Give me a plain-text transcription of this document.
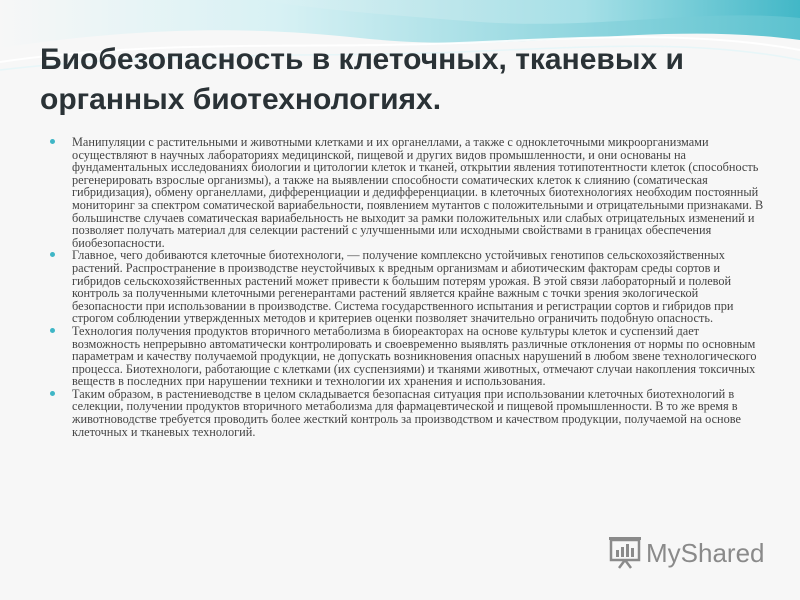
Биобезопасность в клеточных, тканевых и органных биотехнологиях.
Манипуляции с растительными и животными клетками и их органеллами, а также с одноклеточными микроорганизмами осуществляют в научных лабораториях медицинской, пищевой и других видов промышленности, и они основаны на фундаментальных исследованиях биологии и цитологии клеток и тканей, открытии явления тотипотентности клеток (способность регенерировать взрослые организмы), а также на выявлении способности соматических клеток к слиянию (соматическая гибридизация), обмену органеллами, дифференциации и дедифференциации. в клеточных биотехнологиях необходим постоянный мониторинг за спектром соматической вариабельности, появлением мутантов с положительными и отрицательными признаками. В большинстве случаев соматическая вариабельность не выходит за рамки положительных или слабых отрицательных изменений и позволяет получать материал для селекции растений с улучшенными или исходными свойствами в границах обеспечения биобезопасности.
Главное, чего добиваются клеточные биотехнологи, — получение комплексно устойчивых генотипов сельскохозяйственных растений. Распространение в производстве неустойчивых к вредным организмам и абиотическим факторам среды сортов и гибридов сельскохозяйственных растений может привести к большим потерям урожая. В этой связи лабораторный и полевой контроль за полученными клеточными регенерантами растений является крайне важным с точки зрения экологической безопасности при использовании в производстве. Система государственного испытания и регистрации сортов и гибридов при строгом соблюдении утвержденных методов и критериев оценки позволяет значительно ограничить подобную опасность.
Технология получения продуктов вторичного метаболизма в биореакторах на основе культуры клеток и суспензий дает возможность непрерывно автоматически контролировать и своевременно выявлять различные отклонения от нормы по основным параметрам и качеству получаемой продукции, не допускать возникновения опасных нарушений в любом звене технологического процесса. Биотехнологи, работающие с клетками (их суспензиями) и тканями животных, отмечают случаи накопления токсичных веществ в последних при нарушении техники и технологии их хранения и использования.
Таким образом, в растениеводстве в целом складывается безопасная ситуация при использовании клеточных биотехнологий в селекции, получении продуктов вторичного метаболизма для фармацевтической и пищевой промышленности. В то же время в животноводстве требуется проводить более жесткий контроль за производством и качеством продукции, получаемой на основе клеточных и тканевых технологий.
MyShared
